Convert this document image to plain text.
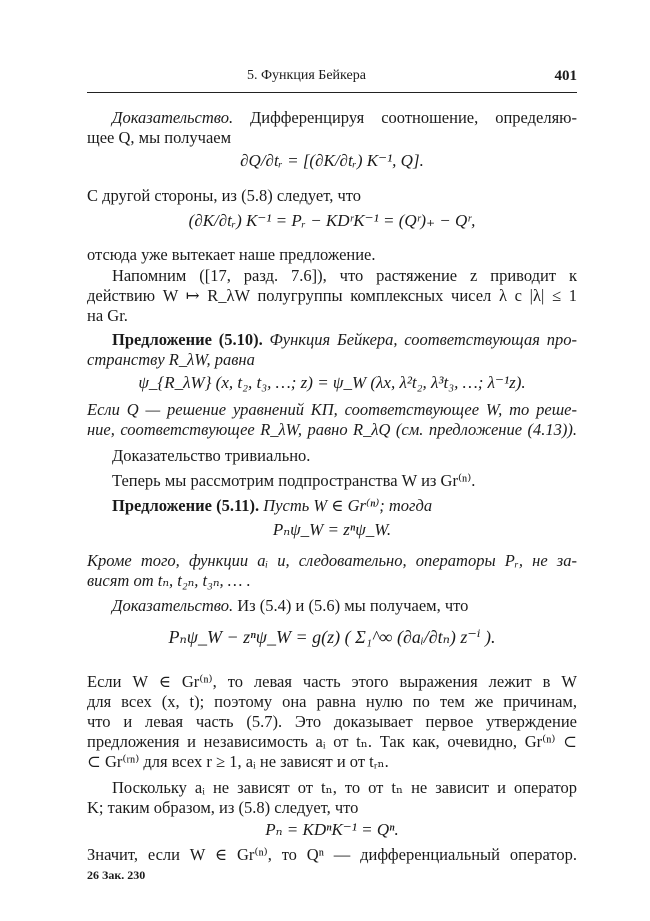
5. Функция Бейкера	401
Доказательство. Дифференцируя соотношение, определяю-
щее Q, мы получаем
∂Q/∂tᵣ = [(∂K/∂tᵣ) K⁻¹, Q].
С другой стороны, из (5.8) следует, что
(∂K/∂tᵣ) K⁻¹ = Pᵣ − KDʳK⁻¹ = (Qʳ)₊ − Qʳ,
отсюда уже вытекает наше предложение.
Напомним ([17, разд. 7.6]), что растяжение z приводит к
действию W ↦ R_λW полугруппы комплексных чисел λ с |λ| ≤ 1
на Gr.
Предложение (5.10). Функция Бейкера, соответствующая про-
странству R_λW, равна
ψ_{R_λW} (x, t₂, t₃, …; z) = ψ_W (λx, λ²t₂, λ³t₃, …; λ⁻¹z).
Если Q — решение уравнений КП, соответствующее W, то реше-
ние, соответствующее R_λW, равно R_λQ (см. предложение (4.13)).
Доказательство тривиально.
Теперь мы рассмотрим подпространства W из Gr⁽ⁿ⁾.
Предложение (5.11). Пусть W ∈ Gr⁽ⁿ⁾; тогда
Pₙψ_W = zⁿψ_W.
Кроме того, функции aᵢ и, следовательно, операторы Pᵣ, не за-
висят от tₙ, t₂ₙ, t₃ₙ, … .
Доказательство. Из (5.4) и (5.6) мы получаем, что
Pₙψ_W − zⁿψ_W = g(z) ( Σ₁^∞ (∂aᵢ/∂tₙ) z⁻ⁱ ).
Если W ∈ Gr⁽ⁿ⁾, то левая часть этого выражения лежит в W
для всех (x, t); поэтому она равна нулю по тем же причинам,
что и левая часть (5.7). Это доказывает первое утверждение
предложения и независимость aᵢ от tₙ. Так как, очевидно, Gr⁽ⁿ⁾ ⊂
⊂ Gr⁽ʳⁿ⁾ для всех r ≥ 1, aᵢ не зависят и от tᵣₙ.
Поскольку aᵢ не зависят от tₙ, то от tₙ не зависит и оператор
K; таким образом, из (5.8) следует, что
Pₙ = KDⁿK⁻¹ = Qⁿ.
Значит, если W ∈ Gr⁽ⁿ⁾, то Qⁿ — дифференциальный оператор.
26 Зак. 230
